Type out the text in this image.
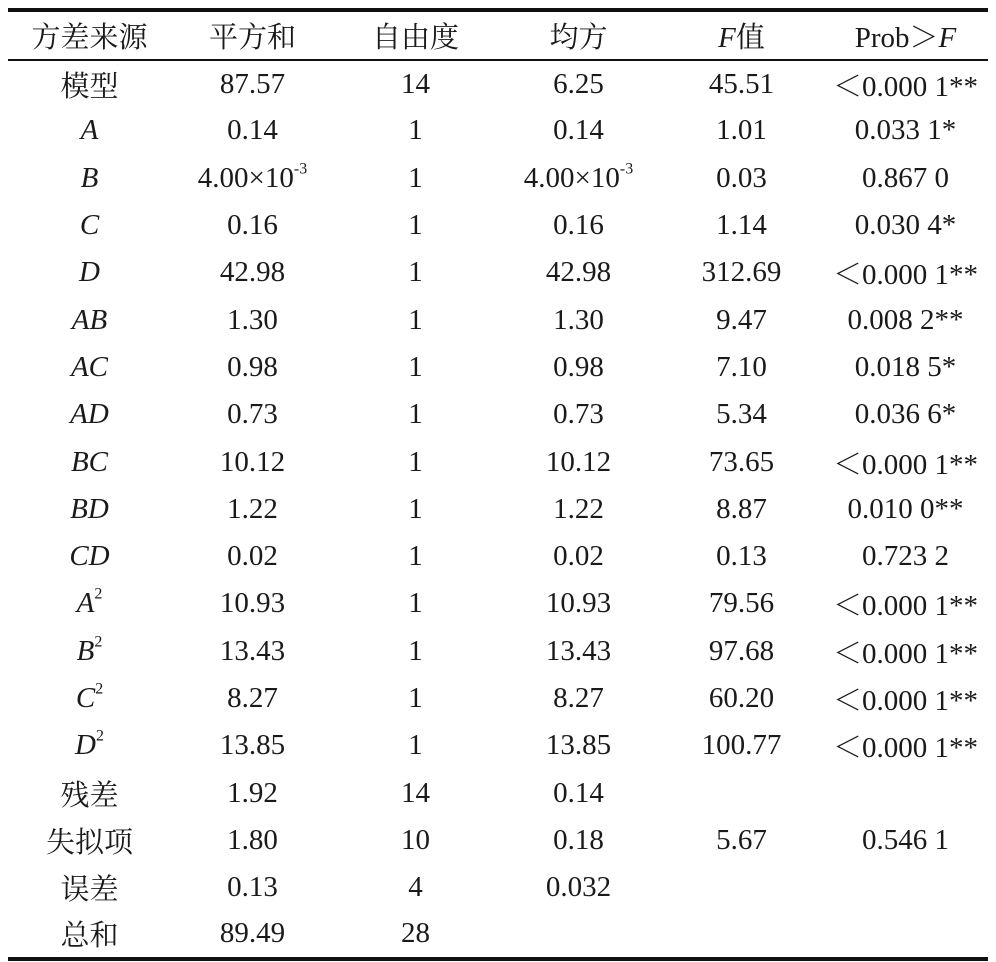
方差来源	平方和	自由度	均方	F值	Prob＞F
模型	87.57	14	6.25	45.51	＜0.000 1**
A	0.14	1	0.14	1.01	0.033 1*
B	$4.00\times 10^{-3}$	1	$4.00\times 10^{-3}$	0.03	0.867 0
C	0.16	1	0.16	1.14	0.030 4*
D	42.98	1	42.98	312.69	＜0.000 1**
AB	1.30	1	1.30	9.47	0.008 2**
AC	0.98	1	0.98	7.10	0.018 5*
AD	0.73	1	0.73	5.34	0.036 6*
BC	10.12	1	10.12	73.65	＜0.000 1**
BD	1.22	1	1.22	8.87	0.010 0**
CD	0.02	1	0.02	0.13	0.723 2
$A^2$	10.93	1	10.93	79.56	＜0.000 1**
$B^2$	13.43	1	13.43	97.68	＜0.000 1**
$C^2$	8.27	1	8.27	60.20	＜0.000 1**
$D^2$	13.85	1	13.85	100.77	＜0.000 1**
残差	1.92	14	0.14		
失拟项	1.80	10	0.18	5.67	0.546 1
误差	0.13	4	0.032		
总和	89.49	28			
